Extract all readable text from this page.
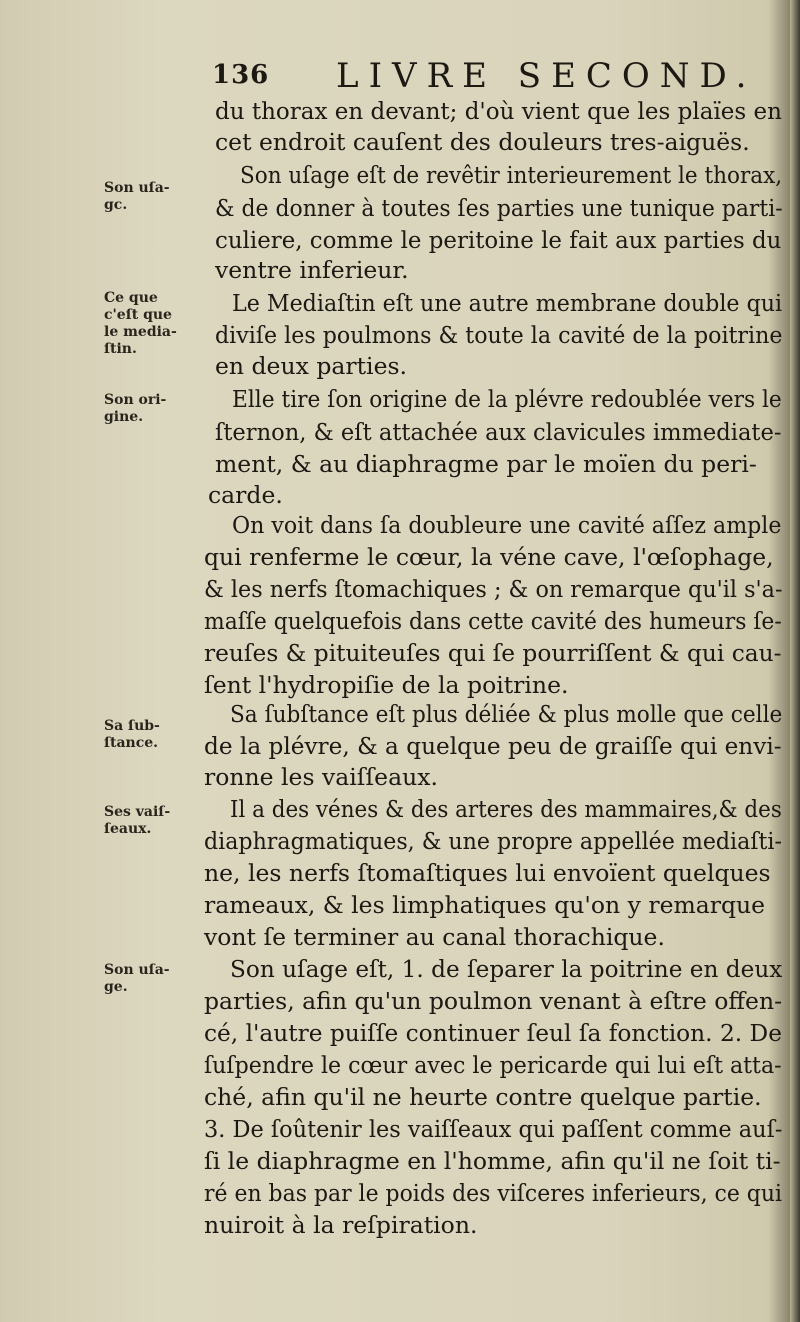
136 LIVRE SECOND.
Son uſa-
gc.
Ce que
c'eſt que
le media-
ſtin.
Son ori-
gine.
Sa ſub-
ſtance.
Ses vaiſ-
ſeaux.
Son uſa-
ge.
du thorax en devant; d'où vient que les plaïes en
cet endroit cauſent des douleurs tres-aiguës.
Son uſage eſt de revêtir interieurement le thorax,
& de donner à toutes ſes parties une tunique parti-
culiere, comme le peritoine le fait aux parties du
ventre inferieur.
Le Mediaſtin eſt une autre membrane double qui
diviſe les poulmons & toute la cavité de la poitrine
en deux parties.
Elle tire ſon origine de la plévre redoublée vers le
ſternon, & eſt attachée aux clavicules immediate-
ment, & au diaphragme par le moïen du peri-
carde.
On voit dans ſa doubleure une cavité aſſez ample
qui renferme le cœur, la véne cave, l'œſophage,
& les nerfs ſtomachiques ; & on remarque qu'il s'a-
maſſe quelquefois dans cette cavité des humeurs ſe-
reuſes & pituiteuſes qui ſe pourriſſent & qui cau-
ſent l'hydropiſie de la poitrine.
Sa ſubſtance eſt plus déliée & plus molle que celle
de la plévre, & a quelque peu de graiſſe qui envi-
ronne les vaiſſeaux.
Il a des vénes & des arteres des mammaires,& des
diaphragmatiques, & une propre appellée mediaſti-
ne, les nerfs ſtomaſtiques lui envoïent quelques
rameaux, & les limphatiques qu'on y remarque
vont ſe terminer au canal thorachique.
Son uſage eſt, 1. de ſeparer la poitrine en deux
parties, afin qu'un poulmon venant à eſtre offen-
cé, l'autre puiſſe continuer ſeul ſa fonction. 2. De
ſuſpendre le cœur avec le pericarde qui lui eſt atta-
ché, afin qu'il ne heurte contre quelque partie.
3. De ſoûtenir les vaiſſeaux qui paſſent comme auſ-
ſi le diaphragme en l'homme, afin qu'il ne ſoit ti-
ré en bas par le poids des viſceres inferieurs, ce qui
nuiroit à la reſpiration.
